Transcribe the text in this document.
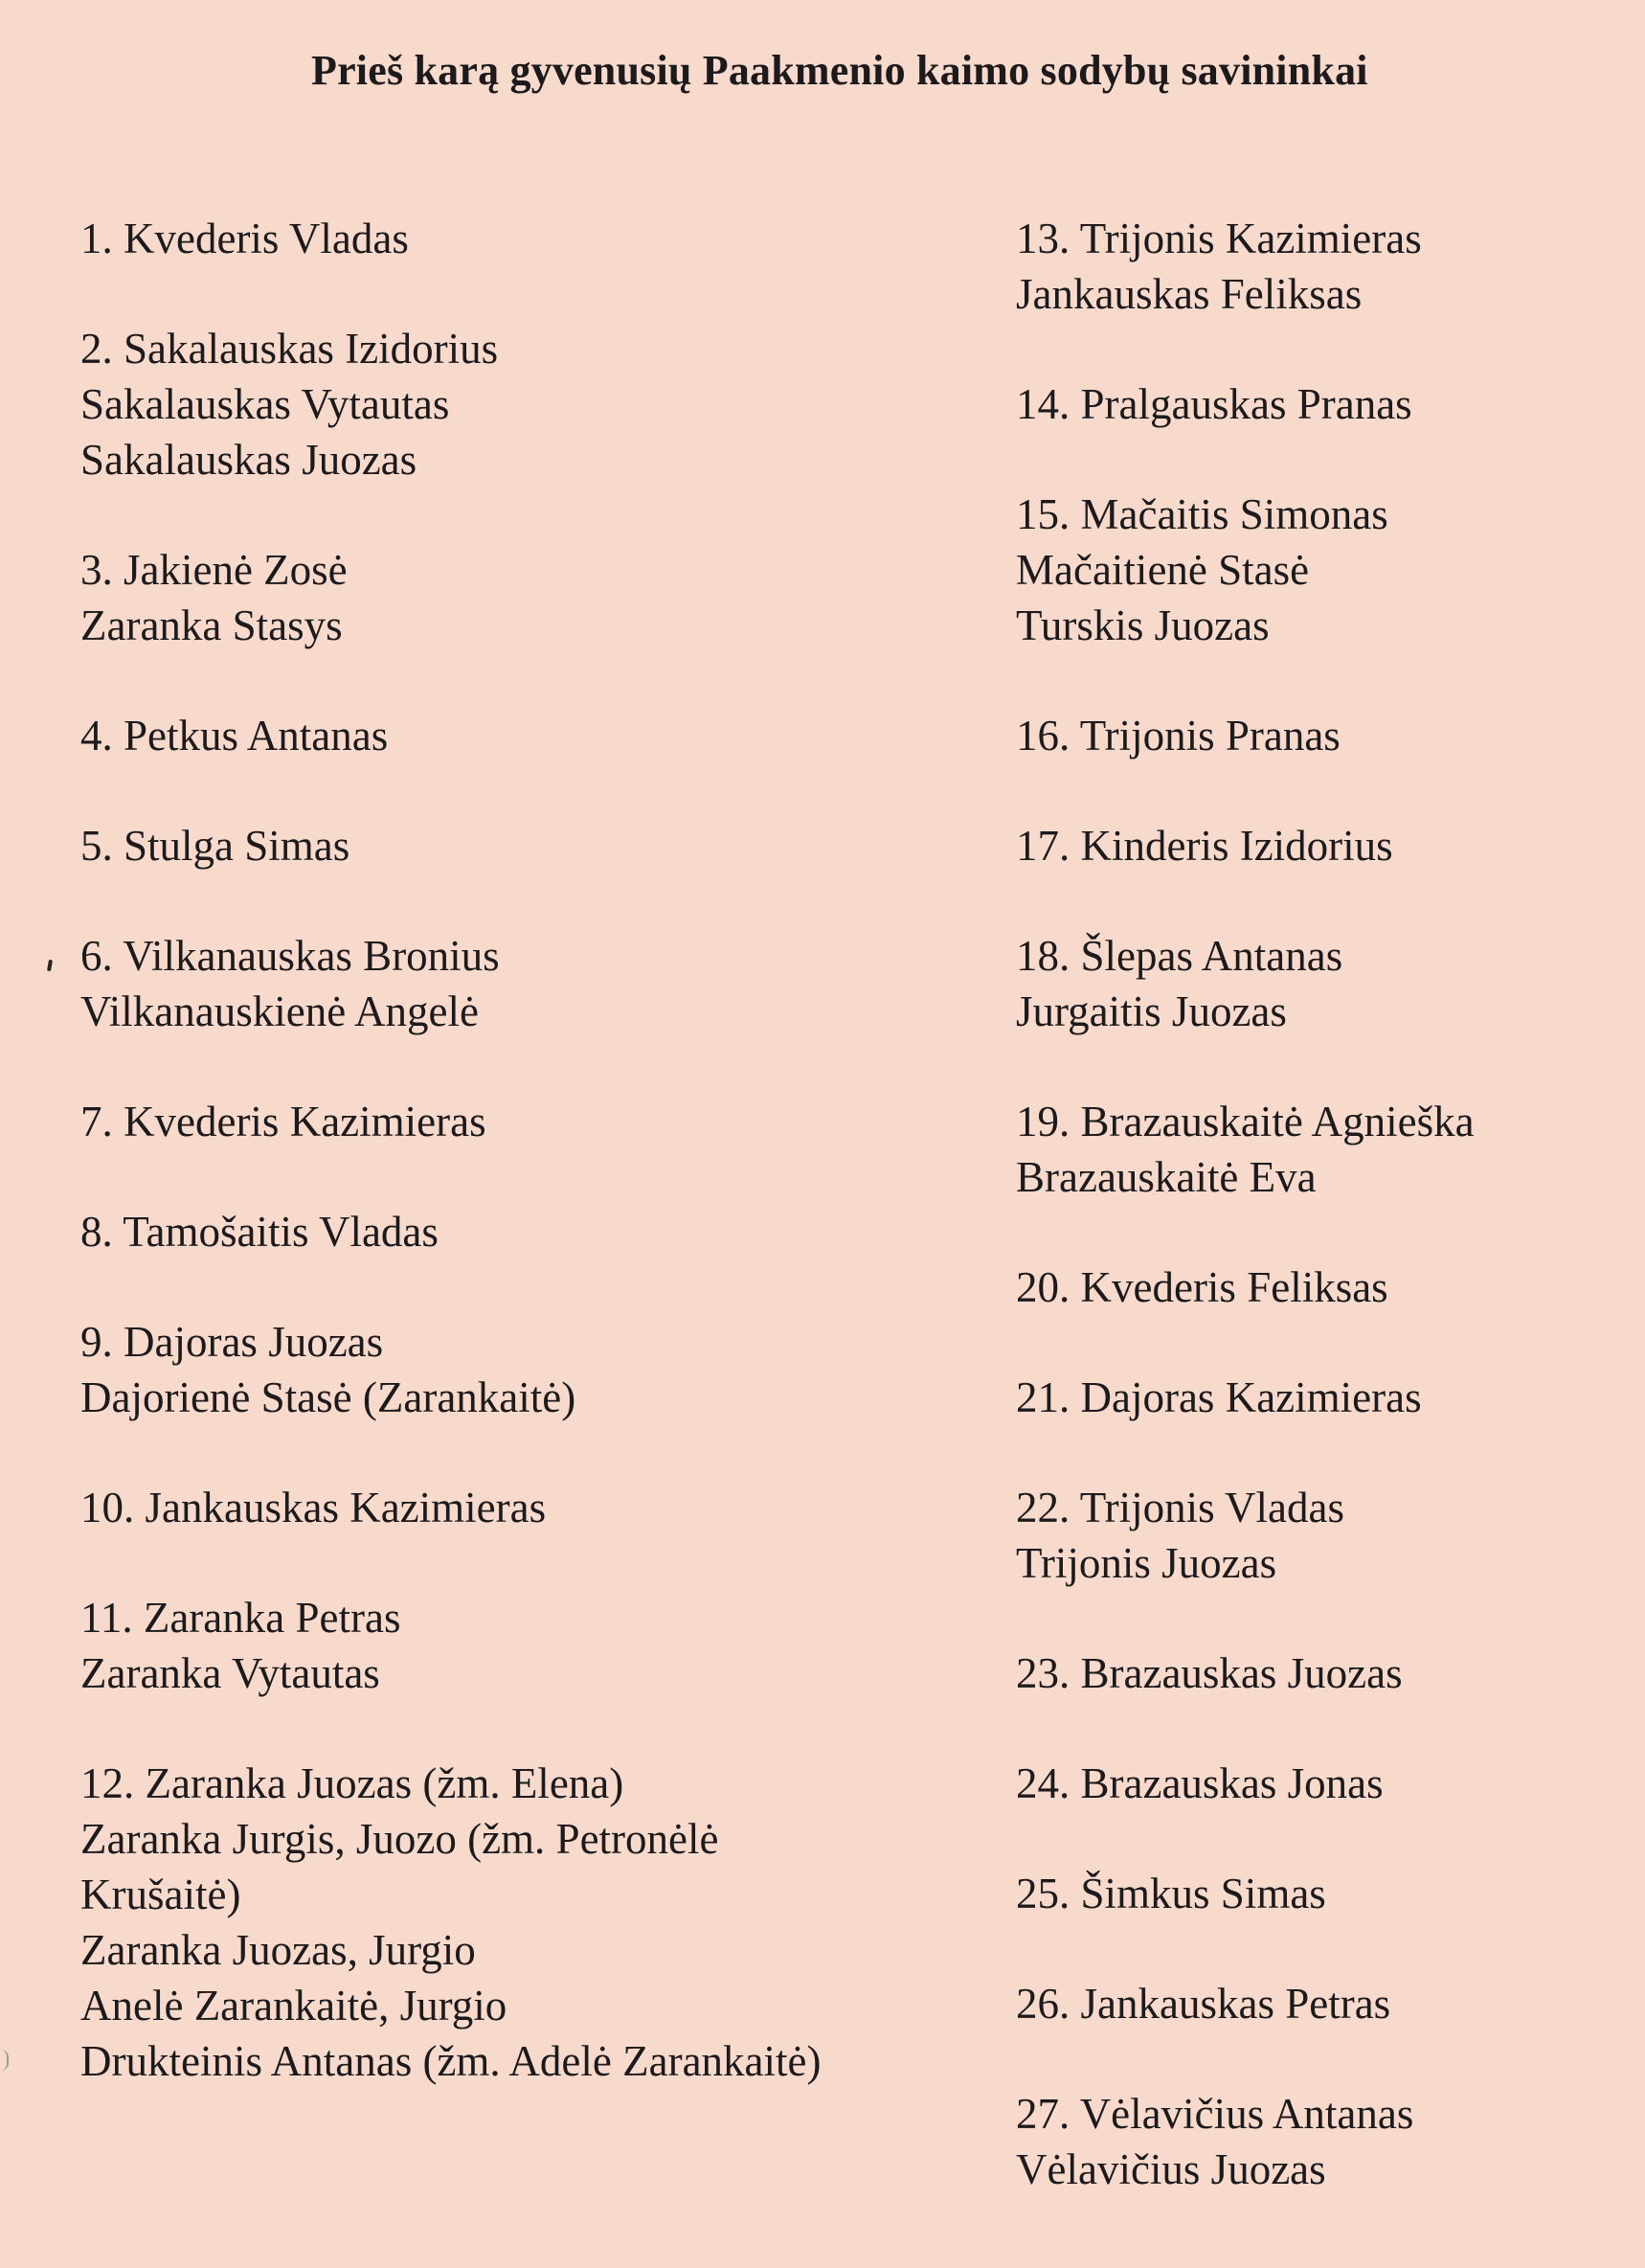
Prieš karą gyvenusių Paakmenio kaimo sodybų savininkai
1. Kvederis Vladas
2. Sakalauskas Izidorius
Sakalauskas Vytautas
Sakalauskas Juozas
3. Jakienė Zosė
Zaranka Stasys
4. Petkus Antanas
5. Stulga Simas
6. Vilkanauskas Bronius
Vilkanauskienė Angelė
7. Kvederis Kazimieras
8. Tamošaitis Vladas
9. Dajoras Juozas
Dajorienė Stasė (Zarankaitė)
10. Jankauskas Kazimieras
11. Zaranka Petras
Zaranka Vytautas
12. Zaranka Juozas (žm. Elena)
Zaranka Jurgis, Juozo (žm. Petronėlė
Krušaitė)
Zaranka Juozas, Jurgio
Anelė Zarankaitė, Jurgio
Drukteinis Antanas (žm. Adelė Zarankaitė)
13. Trijonis Kazimieras
Jankauskas Feliksas
14. Pralgauskas Pranas
15. Mačaitis Simonas
Mačaitienė Stasė
Turskis Juozas
16. Trijonis Pranas
17. Kinderis Izidorius
18. Šlepas Antanas
Jurgaitis Juozas
19. Brazauskaitė Agnieška
Brazauskaitė Eva
20. Kvederis Feliksas
21. Dajoras Kazimieras
22. Trijonis Vladas
Trijonis Juozas
23. Brazauskas Juozas
24. Brazauskas Jonas
25. Šimkus Simas
26. Jankauskas Petras
27. Vėlavičius Antanas
Vėlavičius Juozas
